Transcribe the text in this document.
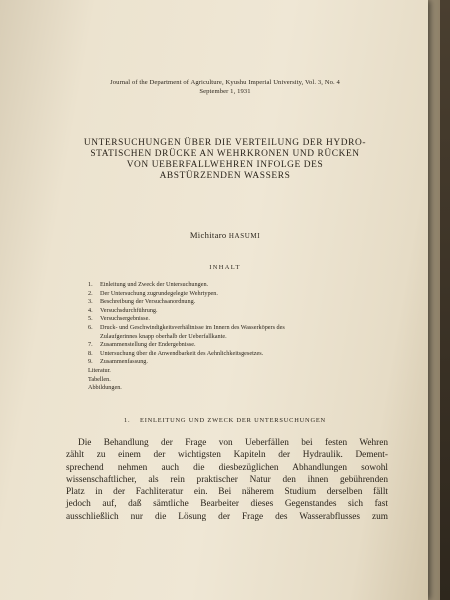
Journal of the Department of Agriculture, Kyushu Imperial University, Vol. 3, No. 4
September 1, 1931
UNTERSUCHUNGEN ÜBER DIE VERTEILUNG DER HYDRO-
STATISCHEN DRÜCKE AN WEHRKRONEN UND RÜCKEN
VON UEBERFALLWEHREN INFOLGE DES
ABSTÜRZENDEN WASSERS
Michitaro HASUMI
INHALT
1. Einleitung und Zweck der Untersuchungen.
2. Der Untersuchung zugrundegelegte Wehrtypen.
3. Beschreibung der Versuchsanordnung.
4. Versuchsdurchführung.
5. Versuchsergebnisse.
6. Druck- und Geschwindigkeitsverhältnisse im Innern des Wasserköpers des
Zulaufgerinnes knapp oberhalb der Ueberfallkante.
7. Zusammenstellung der Endergebnisse.
8. Untersuchung über die Anwendbarkeit des Aehnlichkeitsgesetzes.
9. Zusammenfassung.
Literatur.
Tabellen.
Abbildungen.
1. EINLEITUNG UND ZWECK DER UNTERSUCHUNGEN
Die Behandlung der Frage von Ueberfällen bei festen Wehren
zählt zu einem der wichtigsten Kapiteln der Hydraulik. Dement-
sprechend nehmen auch die diesbezüglichen Abhandlungen sowohl
wissenschaftlicher, als rein praktischer Natur den ihnen gebührenden
Platz in der Fachliteratur ein. Bei näherem Studium derselben fällt
jedoch auf, daß sämtliche Bearbeiter dieses Gegenstandes sich fast
ausschließlich nur die Lösung der Frage des Wasserabflusses zum
